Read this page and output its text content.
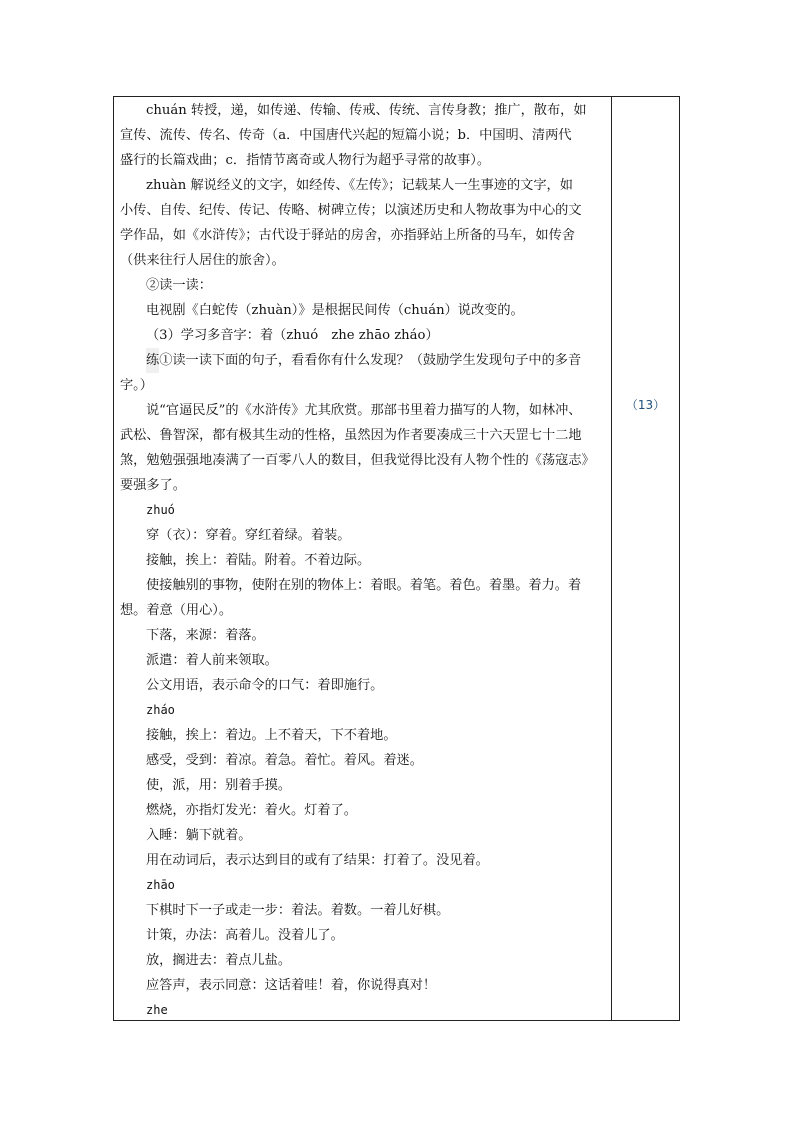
chuán 转授，递，如传递、传输、传戒、传统、言传身教；推广，散布，如
宣传、流传、传名、传奇（a．中国唐代兴起的短篇小说；b．中国明、清两代
盛行的长篇戏曲；c．指情节离奇或人物行为超乎寻常的故事）。
zhuàn 解说经义的文字，如经传、《左传》；记载某人一生事迹的文字，如
小传、自传、纪传、传记、传略、树碑立传；以演述历史和人物故事为中心的文
学作品，如《水浒传》；古代设于驿站的房舍，亦指驿站上所备的马车，如传舍
（供来往行人居住的旅舍）。
②读一读：
电视剧《白蛇传（zhuàn）》是根据民间传（chuán）说改变的。
（3）学习多音字：着（zhuó　zhe zhāo zháo）
练①读一读下面的句子，看看你有什么发现？（鼓励学生发现句子中的多音
字。）
说“官逼民反”的《水浒传》尤其欣赏。那部书里着力描写的人物，如林冲、
武松、鲁智深，都有极其生动的性格，虽然因为作者要凑成三十六天罡七十二地
煞，勉勉强强地凑满了一百零八人的数目，但我觉得比没有人物个性的《荡寇志》
要强多了。
zhuó
穿（衣）：穿着。穿红着绿。着装。
接触，挨上：着陆。附着。不着边际。
使接触别的事物，使附在别的物体上：着眼。着笔。着色。着墨。着力。着
想。着意（用心）。
下落，来源：着落。
派遣：着人前来领取。
公文用语，表示命令的口气：着即施行。
zháo
接触，挨上：着边。上不着天，下不着地。
感受，受到：着凉。着急。着忙。着风。着迷。
使，派，用：别着手摸。
燃烧，亦指灯发光：着火。灯着了。
入睡：躺下就着。
用在动词后，表示达到目的或有了结果：打着了。没见着。
zhāo
下棋时下一子或走一步：着法。着数。一着儿好棋。
计策，办法：高着儿。没着儿了。
放，搁进去：着点儿盐。
应答声，表示同意：这话着哇！着，你说得真对！
zhe
（13）
